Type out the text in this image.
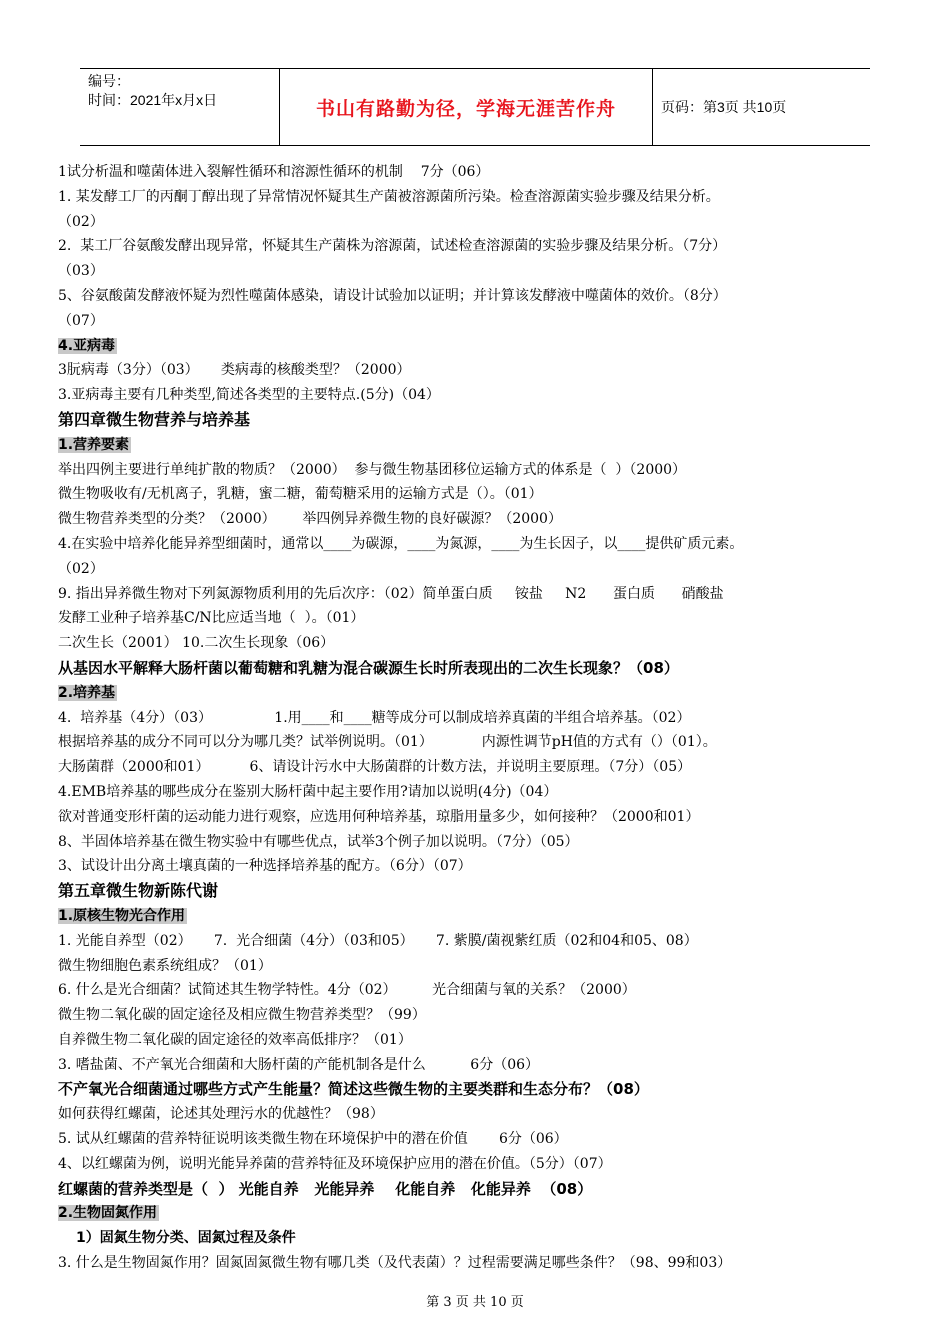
编号：
时间：2021年x月x日	书山有路勤为径，学海无涯苦作舟	页码：第3页 共10页
1试分析温和噬菌体进入裂解性循环和溶源性循环的机制    7分（06）
1. 某发酵工厂的丙酮丁醇出现了异常情况怀疑其生产菌被溶源菌所污染。检查溶源菌实验步骤及结果分析。
（02）
2.  某工厂谷氨酸发酵出现异常，怀疑其生产菌株为溶源菌，试述检查溶源菌的实验步骤及结果分析。（7分）
（03）
5、谷氨酸菌发酵液怀疑为烈性噬菌体感染，请设计试验加以证明；并计算该发酵液中噬菌体的效价。（8分）
（07）
4.亚病毒
3朊病毒（3分）（03）     类病毒的核酸类型？（2000）
3.亚病毒主要有几种类型,简述各类型的主要特点.(5分)（04）
第四章微生物营养与培养基
1.营养要素
举出四例主要进行单纯扩散的物质？（2000）  参与微生物基团移位运输方式的体系是（  ）（2000）
微生物吸收有/无机离子，乳糖，蜜二糖，葡萄糖采用的运输方式是（）。（01）
微生物营养类型的分类？（2000）      举四例异养微生物的良好碳源？（2000）
4.在实验中培养化能异养型细菌时，通常以____为碳源，____为氮源，____为生长因子，以____提供矿质元素。
（02）
9. 指出异养微生物对下列氮源物质利用的先后次序：（02）简单蛋白质     铵盐     N2      蛋白质      硝酸盐
发酵工业种子培养基C/N比应适当地（  ）。（01）
二次生长（2001） 10.二次生长现象（06）
从基因水平解释大肠杆菌以葡萄糖和乳糖为混合碳源生长时所表现出的二次生长现象？（08）
2.培养基
4.  培养基（4分）（03）              1.用____和____糖等成分可以制成培养真菌的半组合培养基。（02）
根据培养基的成分不同可以分为哪几类？试举例说明。（01）           内源性调节pH值的方式有（）（01）。
大肠菌群（2000和01）         6、请设计污水中大肠菌群的计数方法，并说明主要原理。（7分）（05）
4.EMB培养基的哪些成分在鉴别大肠杆菌中起主要作用?请加以说明(4分)（04）
欲对普通变形杆菌的运动能力进行观察，应选用何种培养基，琼脂用量多少，如何接种？（2000和01）
8、半固体培养基在微生物实验中有哪些优点，试举3个例子加以说明。（7分）（05）
3、试设计出分离土壤真菌的一种选择培养基的配方。（6分）（07）
第五章微生物新陈代谢
1.原核生物光合作用
1. 光能自养型（02）     7.  光合细菌（4分）（03和05）     7. 紫膜/菌视紫红质（02和04和05、08）
微生物细胞色素系统组成？（01）
6. 什么是光合细菌？试简述其生物学特性。4分（02）        光合细菌与氧的关系？（2000）
微生物二氧化碳的固定途径及相应微生物营养类型？（99）
自养微生物二氧化碳的固定途径的效率高低排序？（01）
3. 嗜盐菌、不产氧光合细菌和大肠杆菌的产能机制各是什么          6分（06）
不产氧光合细菌通过哪些方式产生能量？简述这些微生物的主要类群和生态分布？（08）
如何获得红螺菌，论述其处理污水的优越性？（98）
5. 试从红螺菌的营养特征说明该类微生物在环境保护中的潜在价值       6分（06）
4、以红螺菌为例，说明光能异养菌的营养特征及环境保护应用的潜在价值。（5分）（07）
红螺菌的营养类型是（  ） 光能自养   光能异养    化能自养   化能异养  （08）
2.生物固氮作用
1）固氮生物分类、固氮过程及条件
3. 什么是生物固氮作用？固氮固氮微生物有哪几类（及代表菌）？过程需要满足哪些条件？（98、99和03）
第 3 页 共 10 页
